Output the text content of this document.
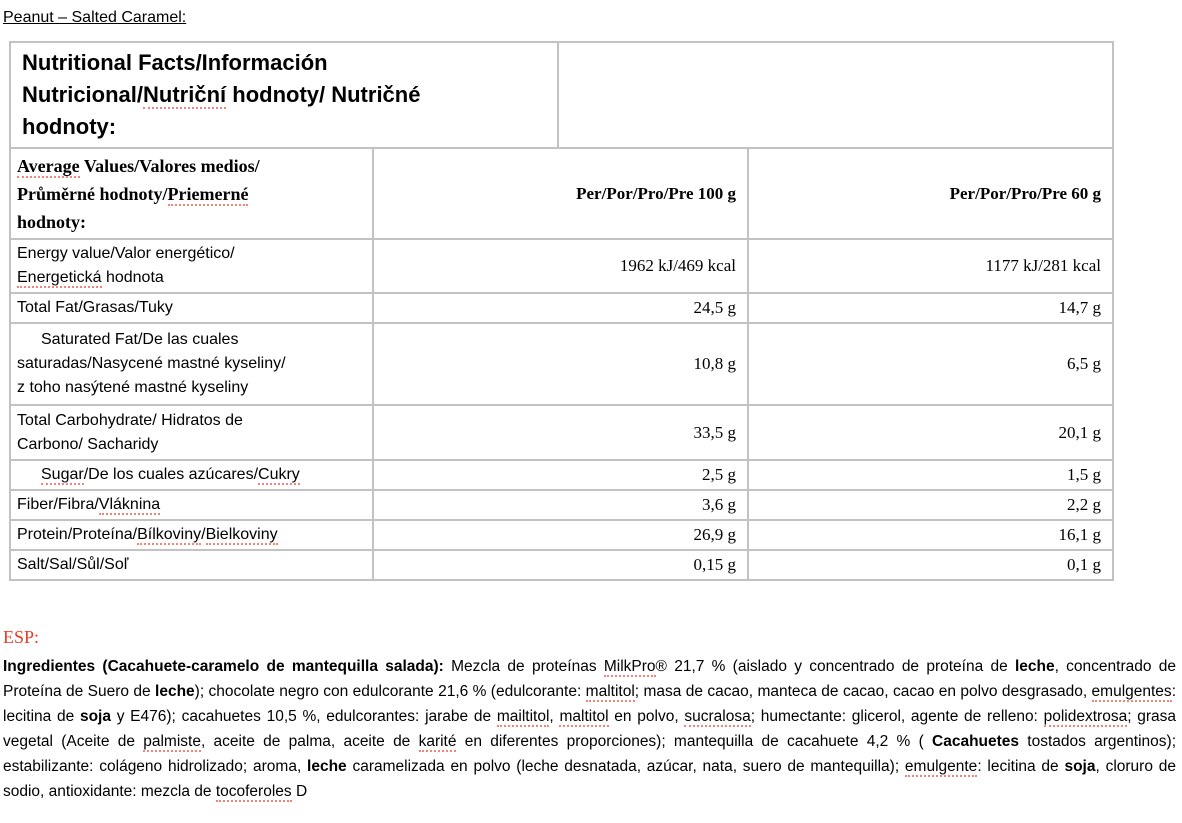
Peanut – Salted Caramel:
Nutritional Facts/Información
Nutricional/Nutriční hodnoty/ Nutričné
hodnoty:
Average Values/Valores medios/
Průměrné hodnoty/Priemerné
hodnoty:
Per/Por/Pro/Pre 100 g	Per/Por/Pro/Pre 60 g
Energy value/Valor energético/
Energetická hodnota
1962 kJ/469 kcal	1177 kJ/281 kcal
Total Fat/Grasas/Tuky	24,5 g	14,7 g
Saturated Fat/De las cuales
saturadas/Nasycené mastné kyseliny/
z toho nasýtené mastné kyseliny
10,8 g	6,5 g
Total Carbohydrate/ Hidratos de
Carbono/ Sacharidy
33,5 g	20,1 g
Sugar/De los cuales azúcares/Cukry	2,5 g	1,5 g
Fiber/Fibra/Vláknina	3,6 g	2,2 g
Protein/Proteína/Bílkoviny/Bielkoviny	26,9 g	16,1 g
Salt/Sal/Sůl/Soľ	0,15 g	0,1 g
ESP:
Ingredientes (Cacahuete-caramelo de mantequilla salada): Mezcla de proteínas MilkPro® 21,7 % (aislado y concentrado de proteína de leche, concentrado de Proteína de Suero de leche); chocolate negro con edulcorante 21,6 % (edulcorante: maltitol; masa de cacao, manteca de cacao, cacao en polvo desgrasado, emulgentes: lecitina de soja y E476); cacahuetes 10,5 %, edulcorantes: jarabe de mailtitol, maltitol en polvo, sucralosa; humectante: glicerol, agente de relleno: polidextrosa; grasa vegetal (Aceite de palmiste, aceite de palma, aceite de karité en diferentes proporciones); mantequilla de cacahuete 4,2 % ( Cacahuetes tostados argentinos); estabilizante: colágeno hidrolizado; aroma, leche caramelizada en polvo (leche desnatada, azúcar, nata, suero de mantequilla); emulgente: lecitina de soja, cloruro de sodio, antioxidante: mezcla de tocoferoles D
